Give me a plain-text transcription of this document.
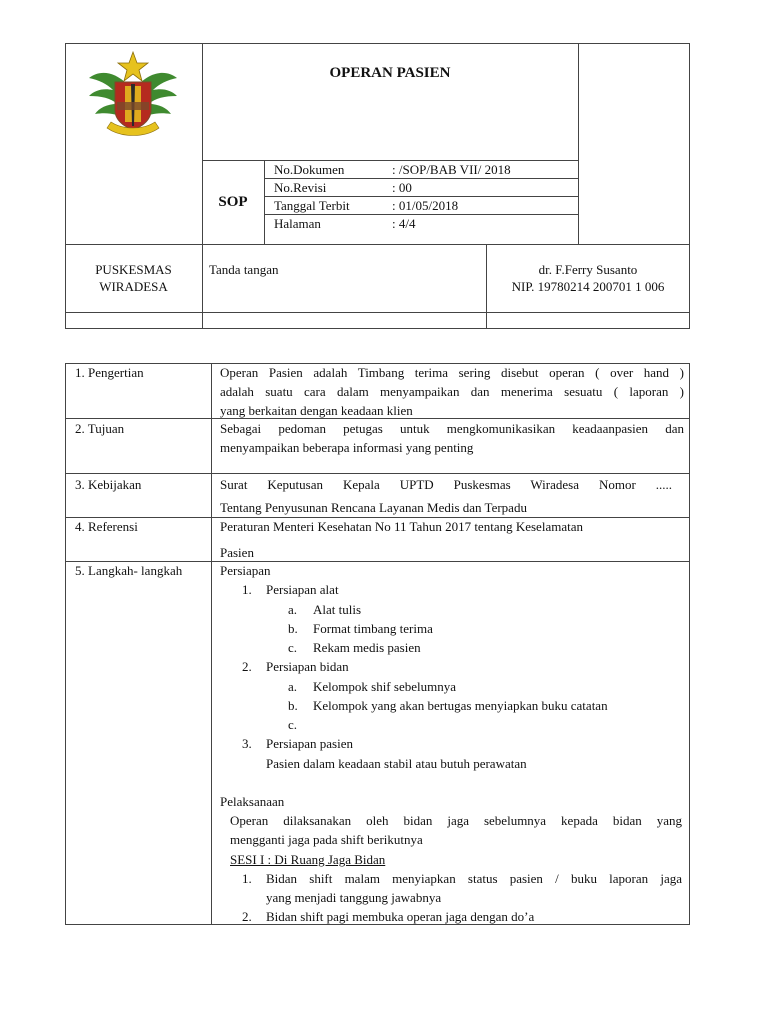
OPERAN PASIEN
SOP
No.Dokumen	: /SOP/BAB VII/ 2018
No.Revisi	: 00
Tanggal Terbit	: 01/05/2018
Halaman	: 4/4
PUSKESMAS
WIRADESA
Tanda tangan	dr. F.Ferry Susanto
NIP. 19780214 200701 1 006
1. Pengertian	Operan Pasien adalah Timbang terima sering disebut operan ( over hand )
adalah suatu cara dalam menyampaikan dan menerima sesuatu ( laporan )
yang berkaitan dengan keadaan klien
2. Tujuan	Sebagai pedoman petugas untuk mengkomunikasikan keadaanpasien dan
menyampaikan beberapa informasi yang penting
3. Kebijakan	Surat Keputusan Kepala UPTD Puskesmas Wiradesa Nomor .....
Tentang Penyusunan Rencana Layanan Medis dan Terpadu
4. Referensi	Peraturan Menteri Kesehatan No 11 Tahun 2017 tentang Keselamatan
Pasien
5. Langkah- langkah	Persiapan
1. Persiapan alat
a. Alat tulis
b. Format timbang terima
c. Rekam medis pasien
2. Persiapan bidan
a. Kelompok shif sebelumnya
b. Kelompok yang akan bertugas menyiapkan buku catatan
c.
3. Persiapan pasien
Pasien dalam keadaan stabil atau butuh perawatan
Pelaksanaan
Operan dilaksanakan oleh bidan jaga sebelumnya kepada bidan yang
mengganti jaga pada shift berikutnya
SESI I : Di Ruang Jaga Bidan
1. Bidan shift malam menyiapkan status pasien / buku laporan jaga
yang menjadi tanggung jawabnya
2. Bidan shift pagi membuka operan jaga dengan do’a
